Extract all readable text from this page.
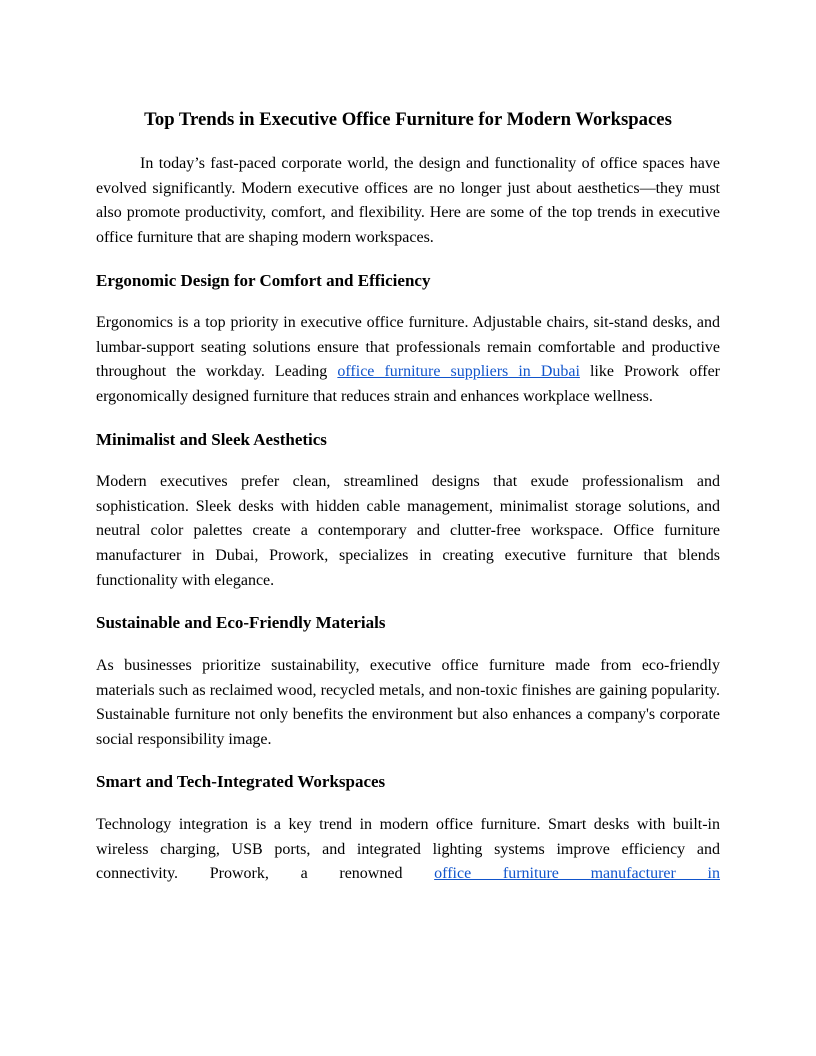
Top Trends in Executive Office Furniture for Modern Workspaces

In today’s fast-paced corporate world, the design and functionality of office spaces have evolved significantly. Modern executive offices are no longer just about aesthetics—they must also promote productivity, comfort, and flexibility. Here are some of the top trends in executive office furniture that are shaping modern workspaces.

Ergonomic Design for Comfort and Efficiency

Ergonomics is a top priority in executive office furniture. Adjustable chairs, sit-stand desks, and lumbar-support seating solutions ensure that professionals remain comfortable and productive throughout the workday. Leading office furniture suppliers in Dubai like Prowork offer ergonomically designed furniture that reduces strain and enhances workplace wellness.

Minimalist and Sleek Aesthetics

Modern executives prefer clean, streamlined designs that exude professionalism and sophistication. Sleek desks with hidden cable management, minimalist storage solutions, and neutral color palettes create a contemporary and clutter-free workspace. Office furniture manufacturer in Dubai, Prowork, specializes in creating executive furniture that blends functionality with elegance.

Sustainable and Eco-Friendly Materials

As businesses prioritize sustainability, executive office furniture made from eco-friendly materials such as reclaimed wood, recycled metals, and non-toxic finishes are gaining popularity. Sustainable furniture not only benefits the environment but also enhances a company's corporate social responsibility image.

Smart and Tech-Integrated Workspaces

Technology integration is a key trend in modern office furniture. Smart desks with built-in wireless charging, USB ports, and integrated lighting systems improve efficiency and connectivity. Prowork, a renowned office furniture manufacturer in
